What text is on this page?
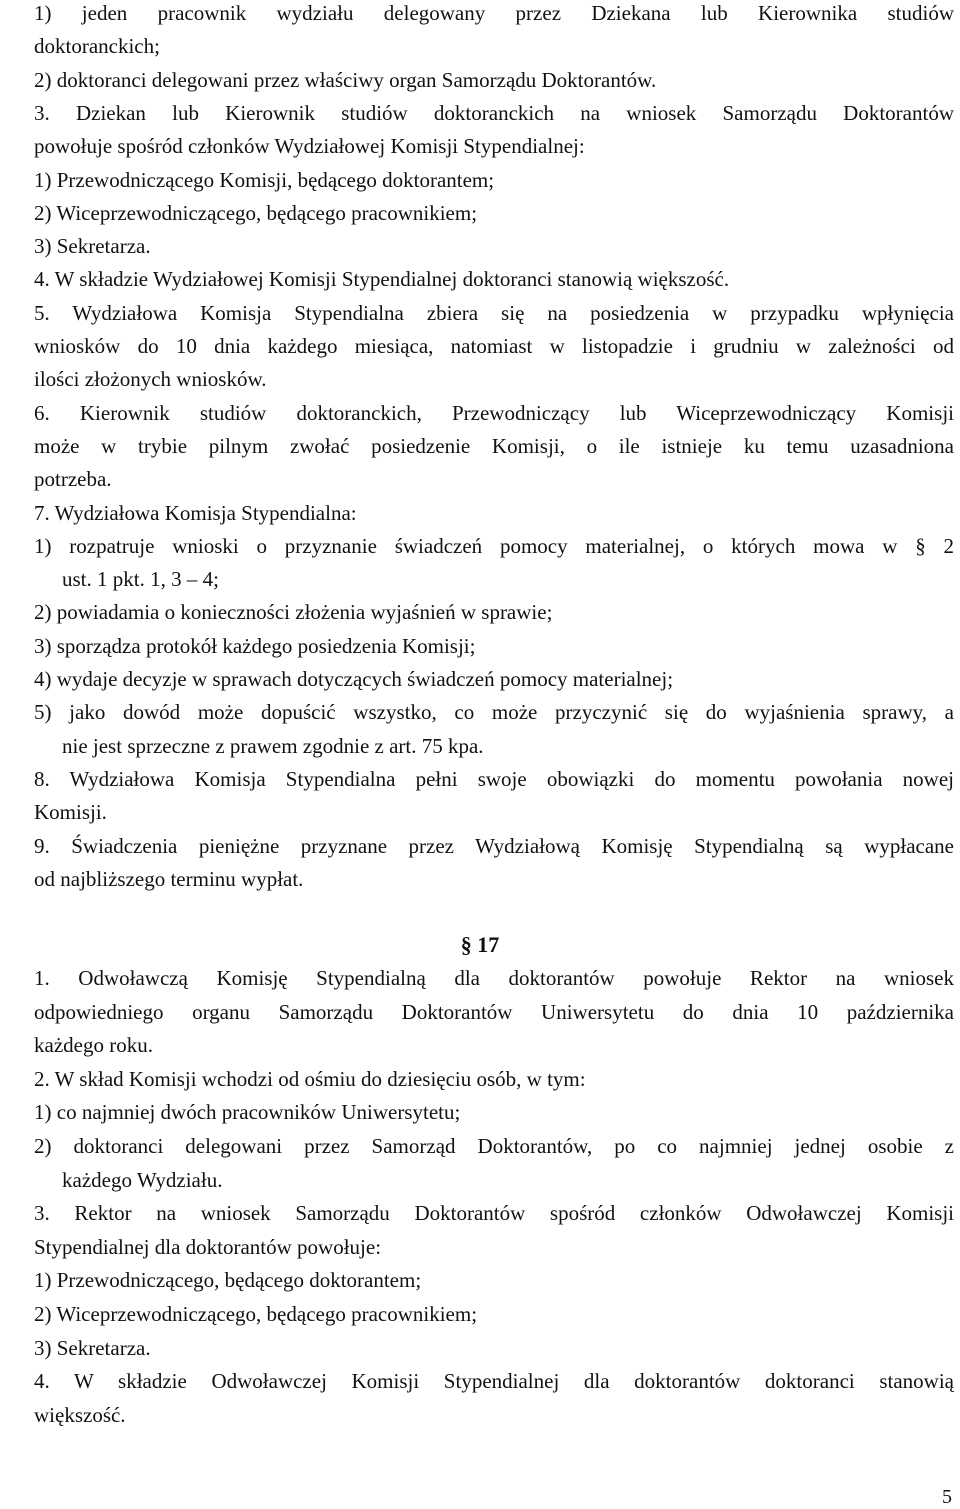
1) jeden pracownik wydziału delegowany przez Dziekana lub Kierownika studiów
doktoranckich;
2) doktoranci delegowani przez właściwy organ Samorządu Doktorantów.
3. Dziekan lub Kierownik studiów doktoranckich na wniosek Samorządu Doktorantów
powołuje spośród członków Wydziałowej Komisji Stypendialnej:
1) Przewodniczącego Komisji, będącego doktorantem;
2) Wiceprzewodniczącego, będącego pracownikiem;
3) Sekretarza.
4. W składzie Wydziałowej Komisji Stypendialnej doktoranci stanowią większość.
5. Wydziałowa Komisja Stypendialna zbiera się na posiedzenia w przypadku wpłynięcia
wniosków do 10 dnia każdego miesiąca, natomiast w listopadzie i grudniu w zależności od
ilości złożonych wniosków.
6. Kierownik studiów doktoranckich, Przewodniczący lub Wiceprzewodniczący Komisji
może w trybie pilnym zwołać posiedzenie Komisji, o ile istnieje ku temu uzasadniona
potrzeba.
7. Wydziałowa Komisja Stypendialna:
1) rozpatruje wnioski o przyznanie świadczeń pomocy materialnej, o których mowa w § 2
ust. 1 pkt. 1, 3 – 4;
2) powiadamia o konieczności złożenia wyjaśnień w sprawie;
3) sporządza protokół każdego posiedzenia Komisji;
4) wydaje decyzje w sprawach dotyczących świadczeń pomocy materialnej;
5) jako dowód może dopuścić wszystko, co może przyczynić się do wyjaśnienia sprawy, a
nie jest sprzeczne z prawem zgodnie z art. 75 kpa.
8. Wydziałowa Komisja Stypendialna pełni swoje obowiązki do momentu powołania nowej
Komisji.
9. Świadczenia pieniężne przyznane przez Wydziałową Komisję Stypendialną są wypłacane
od najbliższego terminu wypłat.
§ 17
1. Odwoławczą Komisję Stypendialną dla doktorantów powołuje Rektor na wniosek
odpowiedniego organu Samorządu Doktorantów Uniwersytetu do dnia 10 października
każdego roku.
2. W skład Komisji wchodzi od ośmiu do dziesięciu osób, w tym:
1) co najmniej dwóch pracowników Uniwersytetu;
2) doktoranci delegowani przez Samorząd Doktorantów, po co najmniej jednej osobie z
każdego Wydziału.
3. Rektor na wniosek Samorządu Doktorantów spośród członków Odwoławczej Komisji
Stypendialnej dla doktorantów powołuje:
1) Przewodniczącego, będącego doktorantem;
2) Wiceprzewodniczącego, będącego pracownikiem;
3) Sekretarza.
4. W składzie Odwoławczej Komisji Stypendialnej dla doktorantów doktoranci stanowią
większość.
5
